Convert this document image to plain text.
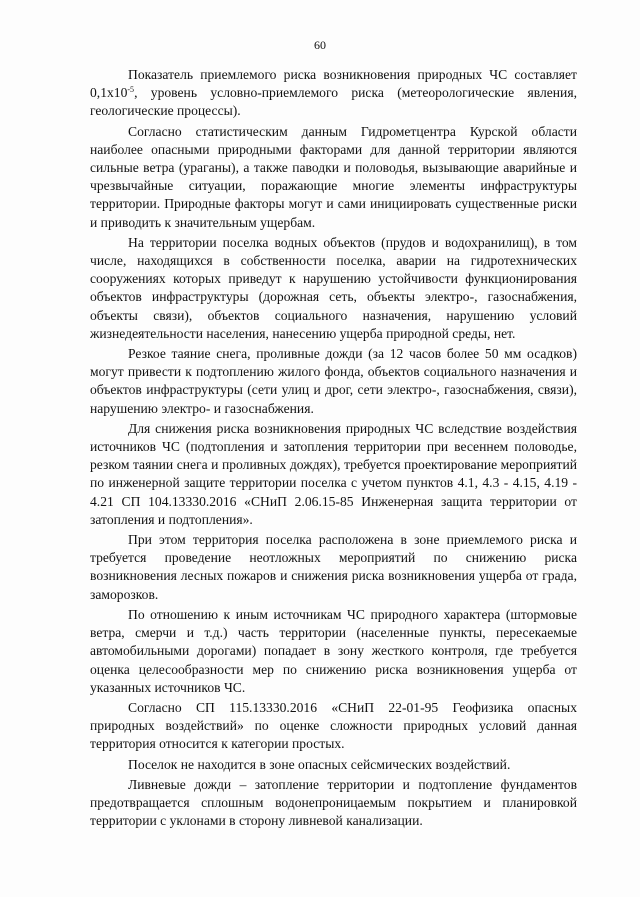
60

Показатель приемлемого риска возникновения природных ЧС составляет $0,1х10^{-5}$, уровень условно-приемлемого риска (метеорологические явления, геологические процессы).

Согласно статистическим данным Гидрометцентра Курской области наиболее опасными природными факторами для данной территории являются сильные ветра (ураганы), а также паводки и половодья, вызывающие аварийные и чрезвычайные ситуации, поражающие многие элементы инфраструктуры территории. Природные факторы могут и сами инициировать существенные риски и приводить к значительным ущербам.

На территории поселка водных объектов (прудов и водохранилищ), в том числе, находящихся в собственности поселка, аварии на гидротехнических сооружениях которых приведут к нарушению устойчивости функционирования объектов инфраструктуры (дорожная сеть, объекты электро-, газоснабжения, объекты связи), объектов социального назначения, нарушению условий жизнедеятельности населения, нанесению ущерба природной среды, нет.

Резкое таяние снега, проливные дожди (за 12 часов более 50 мм осадков) могут привести к подтоплению жилого фонда, объектов социального назначения и объектов инфраструктуры (сети улиц и дрог, сети электро-, газоснабжения, связи), нарушению электро- и газоснабжения.

Для снижения риска возникновения природных ЧС вследствие воздействия источников ЧС (подтопления и затопления территории при весеннем половодье, резком таянии снега и проливных дождях), требуется проектирование мероприятий по инженерной защите территории поселка с учетом пунктов 4.1, 4.3 - 4.15, 4.19 - 4.21 СП 104.13330.2016 «СНиП 2.06.15-85 Инженерная защита территории от затопления и подтопления».

При этом территория поселка расположена в зоне приемлемого риска и требуется проведение неотложных мероприятий по снижению риска возникновения лесных пожаров и снижения риска возникновения ущерба от града, заморозков.

По отношению к иным источникам ЧС природного характера (штормовые ветра, смерчи и т.д.) часть территории (населенные пункты, пересекаемые автомобильными дорогами) попадает в зону жесткого контроля, где требуется оценка целесообразности мер по снижению риска возникновения ущерба от указанных источников ЧС.

Согласно СП 115.13330.2016 «СНиП 22-01-95 Геофизика опасных природных воздействий» по оценке сложности природных условий данная территория относится к категории простых.

Поселок не находится в зоне опасных сейсмических воздействий.

Ливневые дожди – затопление территории и подтопление фундаментов предотвращается сплошным водонепроницаемым покрытием и планировкой территории с уклонами в сторону ливневой канализации.
